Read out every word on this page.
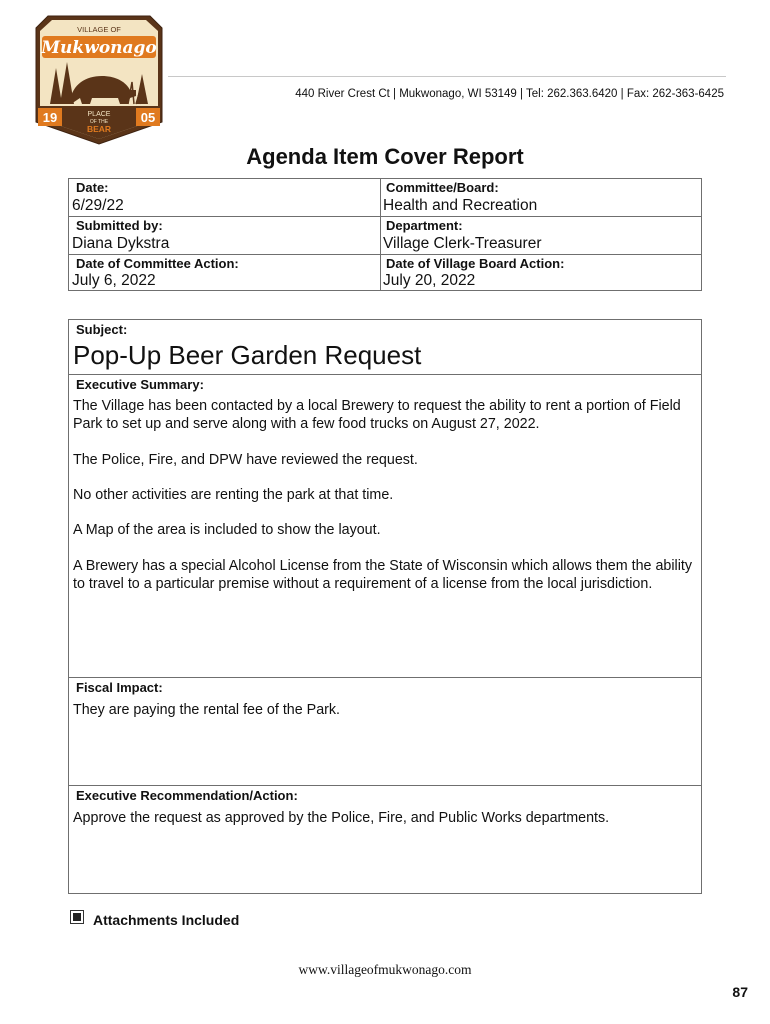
VILLAGE OF
Mukwonago
19	05
PLACE
OF THE
BEAR
440 River Crest Ct | Mukwonago, WI 53149 | Tel: 262.363.6420 | Fax: 262-363-6425
Agenda Item Cover Report
Date:
6/29/22
Committee/Board:
Health and Recreation
Submitted by:
Diana Dykstra
Department:
Village Clerk-Treasurer
Date of Committee Action:
July 6, 2022
Date of Village Board Action:
July 20, 2022
Subject:
Pop-Up Beer Garden Request
Executive Summary:

The Village has been contacted by a local Brewery to request the ability to rent a portion of Field Park to set up and serve along with a few food trucks on August 27, 2022.

The Police, Fire, and DPW have reviewed the request.

No other activities are renting the park at that time.

A Map of the area is included to show the layout.

A Brewery has a special Alcohol License from the State of Wisconsin which allows them the ability to travel to a particular premise without a requirement of a license from the local jurisdiction.

Fiscal Impact:

They are paying the rental fee of the Park.

Executive Recommendation/Action:

Approve the request as approved by the Police, Fire, and Public Works departments.

Attachments Included
www.villageofmukwonago.com
87
